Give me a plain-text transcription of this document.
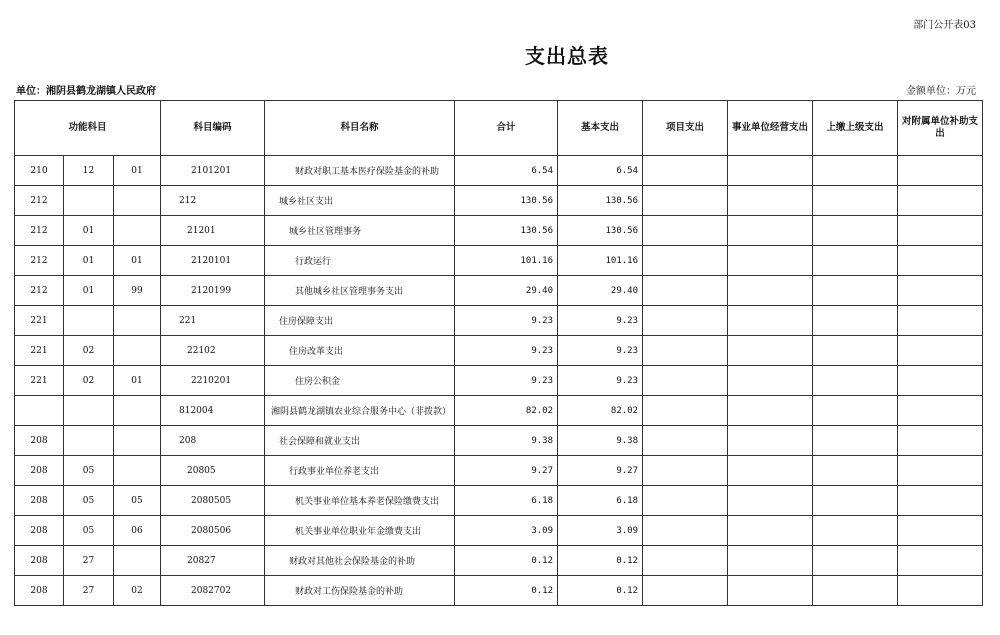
部门公开表03
支出总表
单位：湘阴县鹤龙湖镇人民政府	金额单位：万元
功能科目			科目编码	科目名称	合计	基本支出	项目支出	事业单位经营支出	上缴上级支出	对附属单位补助支出
210	12	01	2101201	财政对职工基本医疗保险基金的补助	6.54	6.54				
212			212	城乡社区支出	130.56	130.56				
212	01		21201	城乡社区管理事务	130.56	130.56				
212	01	01	2120101	行政运行	101.16	101.16				
212	01	99	2120199	其他城乡社区管理事务支出	29.40	29.40				
221			221	住房保障支出	9.23	9.23				
221	02		22102	住房改革支出	9.23	9.23				
221	02	01	2210201	住房公积金	9.23	9.23				
			812004	湘阴县鹤龙湖镇农业综合服务中心（非拨款）	82.02	82.02				
208			208	社会保障和就业支出	9.38	9.38				
208	05		20805	行政事业单位养老支出	9.27	9.27				
208	05	05	2080505	机关事业单位基本养老保险缴费支出	6.18	6.18				
208	05	06	2080506	机关事业单位职业年金缴费支出	3.09	3.09				
208	27		20827	财政对其他社会保险基金的补助	0.12	0.12				
208	27	02	2082702	财政对工伤保险基金的补助	0.12	0.12				
